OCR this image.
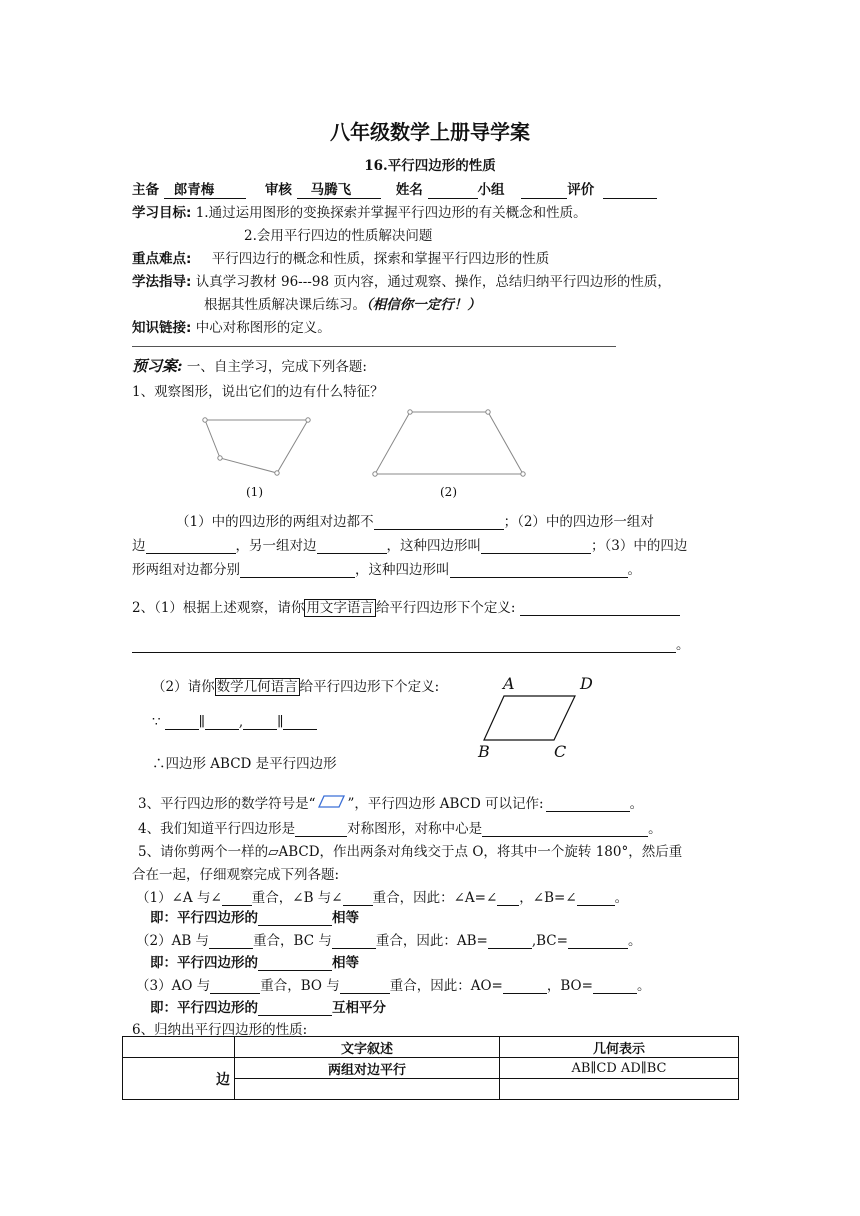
八年级数学上册导学案
16.平行四边形的性质
主备 郎青梅	审核 马腾飞	姓名	小组	评价
学习目标: 1.通过运用图形的变换探索并掌握平行四边形的有关概念和性质。
2.会用平行四边的性质解决问题
重点难点: 平行四边行的概念和性质，探索和掌握平行四边形的性质
学法指导: 认真学习教材 96---98 页内容，通过观察、操作，总结归纳平行四边形的性质，
根据其性质解决课后练习。（相信你一定行！）
知识链接: 中心对称图形的定义。
预习案: 一、自主学习，完成下列各题:
1、观察图形，说出它们的边有什么特征？
(1)	(2)
（1）中的四边形的两组对边都不	；（2）中的四边形一组对
边	，另一组对边	，这种四边形叫	；（3）中的四边
形两组对边都分别	，这种四边形叫	。
2、（1）根据上述观察，请你 用文字语言 给平行四边形下个定义:
。
（2）请你 数学几何语言 给平行四边形下个定义:
∵	∥	,	∥
∴四边形 ABCD 是平行四边形
A	D
B	C
3、平行四边形的数学符号是“ ”，平行四边形 ABCD 可以记作:	。
4、我们知道平行四边形是	对称图形，对称中心是	。
5、请你剪两个一样的▱ABCD，作出两条对角线交于点 O，将其中一个旋转 180°，然后重
合在一起，仔细观察完成下列各题:
（1）∠A 与∠ 重合，∠B 与∠ 重合，因此：∠A=∠ ，∠B=∠	。
即：平行四边形的	相等
（2）AB 与	重合，BC 与	重合，因此：AB=	,BC=	。
即：平行四边形的	相等
（3）AO 与	重合，BO 与	重合，因此：AO=	，BO=	。
即：平行四边形的	互相平分
6、归纳出平行四边形的性质:
	文字叙述	几何表示
边	两组对边平行	AB∥CD AD∥BC
